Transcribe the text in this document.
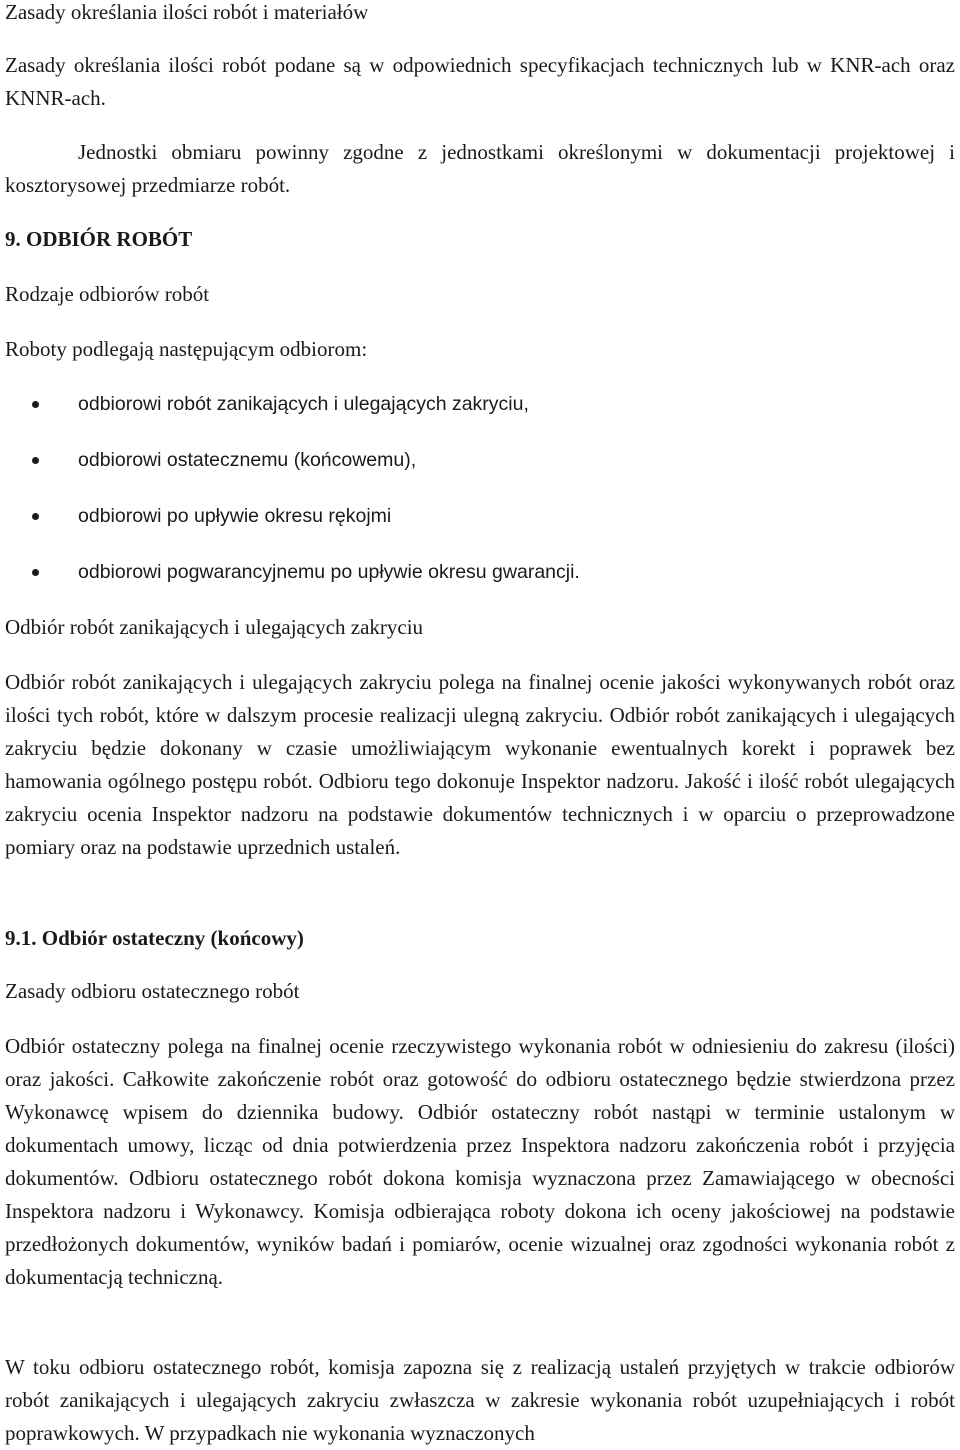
Zasady określania ilości robót i materiałów

Zasady określania ilości robót podane są w odpowiednich specyfikacjach technicznych lub w KNR-ach oraz KNNR-ach.

Jednostki obmiaru powinny zgodne z jednostkami określonymi w dokumentacji projektowej i kosztorysowej przedmiarze robót.

9. ODBIÓR ROBÓT

Rodzaje odbiorów robót

Roboty podlegają następującym odbiorom:

odbiorowi robót zanikających i ulegających zakryciu,
odbiorowi ostatecznemu (końcowemu),
odbiorowi po upływie okresu rękojmi
odbiorowi pogwarancyjnemu po upływie okresu gwarancji.

Odbiór robót zanikających i ulegających zakryciu

Odbiór robót zanikających i ulegających zakryciu polega na finalnej ocenie jakości wykonywanych robót oraz ilości tych robót, które w dalszym procesie realizacji ulegną zakryciu. Odbiór robót zanikających i ulegających zakryciu będzie dokonany w czasie umożliwiającym wykonanie ewentualnych korekt i poprawek bez hamowania ogólnego postępu robót. Odbioru tego dokonuje Inspektor nadzoru. Jakość i ilość robót ulegających zakryciu ocenia Inspektor nadzoru na podstawie dokumentów technicznych i w oparciu o przeprowadzone pomiary oraz na podstawie uprzednich ustaleń.

9.1. Odbiór ostateczny (końcowy)

Zasady odbioru ostatecznego robót

Odbiór ostateczny polega na finalnej ocenie rzeczywistego wykonania robót w odniesieniu do zakresu (ilości) oraz jakości. Całkowite zakończenie robót oraz gotowość do odbioru ostatecznego będzie stwierdzona przez Wykonawcę wpisem do dziennika budowy. Odbiór ostateczny robót nastąpi w terminie ustalonym w dokumentach umowy, licząc od dnia potwierdzenia przez Inspektora nadzoru zakończenia robót i przyjęcia dokumentów. Odbioru ostatecznego robót dokona komisja wyznaczona przez Zamawiającego w obecności Inspektora nadzoru i Wykonawcy. Komisja odbierająca roboty dokona ich oceny jakościowej na podstawie przedłożonych dokumentów, wyników badań i pomiarów, ocenie wizualnej oraz zgodności wykonania robót z dokumentacją techniczną.

W toku odbioru ostatecznego robót, komisja zapozna się z realizacją ustaleń przyjętych w trakcie odbiorów robót zanikających i ulegających zakryciu zwłaszcza w zakresie wykonania robót uzupełniających i robót poprawkowych. W przypadkach nie wykonania wyznaczonych
